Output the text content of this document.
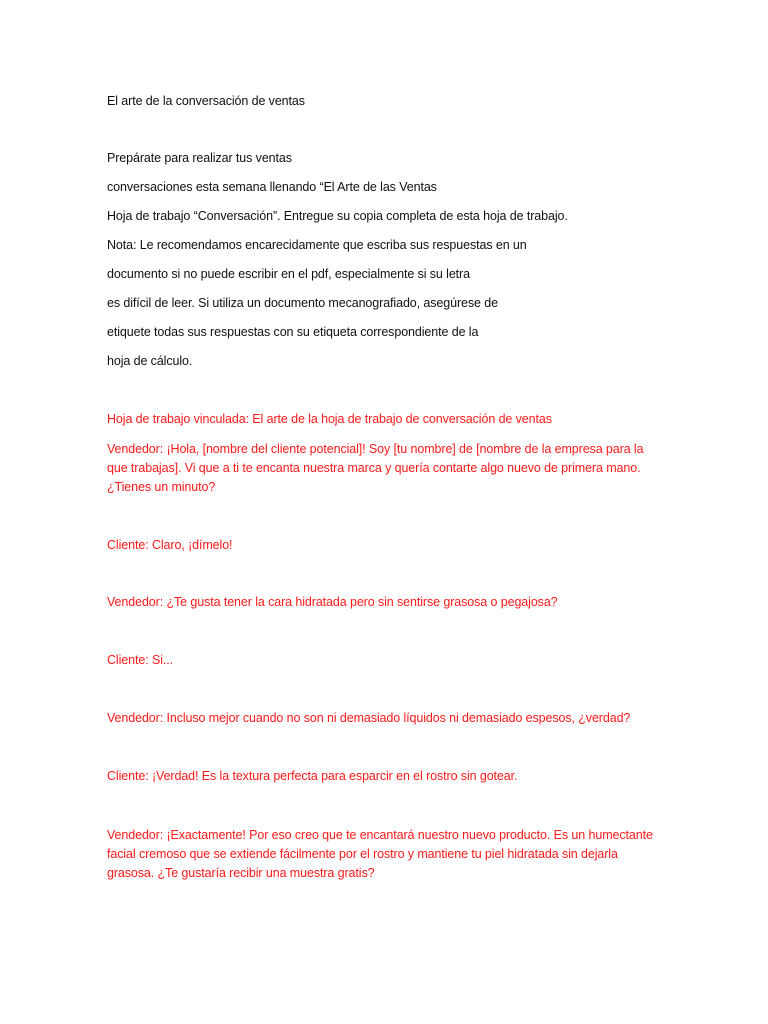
El arte de la conversación de ventas

Prepárate para realizar tus ventas

conversaciones esta semana llenando “El Arte de las Ventas

Hoja de trabajo “Conversación”. Entregue su copia completa de esta hoja de trabajo.

Nota: Le recomendamos encarecidamente que escriba sus respuestas en un

documento si no puede escribir en el pdf, especialmente si su letra

es difícil de leer. Si utiliza un documento mecanografiado, asegúrese de

etiquete todas sus respuestas con su etiqueta correspondiente de la

hoja de cálculo.

Hoja de trabajo vinculada: El arte de la hoja de trabajo de conversación de ventas

Vendedor: ¡Hola, [nombre del cliente potencial]! Soy [tu nombre] de [nombre de la empresa para la que trabajas]. Vi que a ti te encanta nuestra marca y quería contarte algo nuevo de primera mano. ¿Tienes un minuto?

Cliente: Claro, ¡dímelo!

Vendedor: ¿Te gusta tener la cara hidratada pero sin sentirse grasosa o pegajosa?

Cliente: Si...

Vendedor: Incluso mejor cuando no son ni demasiado líquidos ni demasiado espesos, ¿verdad?

Cliente: ¡Verdad! Es la textura perfecta para esparcir en el rostro sin gotear.

Vendedor: ¡Exactamente! Por eso creo que te encantará nuestro nuevo producto. Es un humectante facial cremoso que se extiende fácilmente por el rostro y mantiene tu piel hidratada sin dejarla grasosa. ¿Te gustaría recibir una muestra gratis?
